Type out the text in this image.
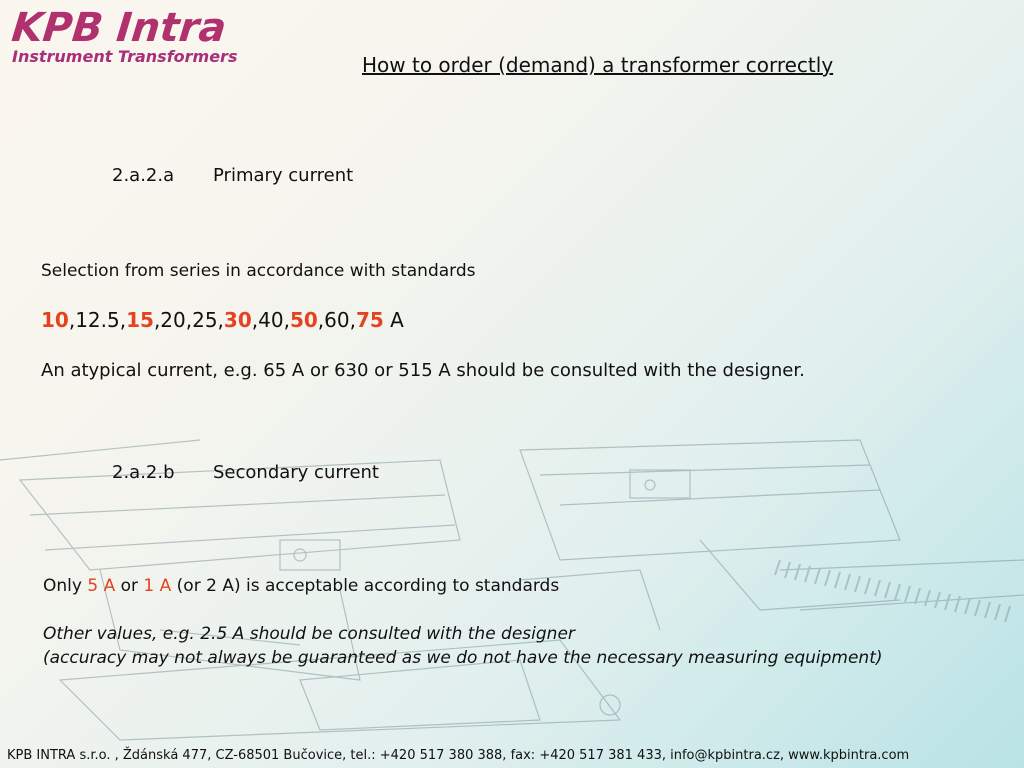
KPB Intra
Instrument Transformers	How to order (demand) a transformer correctly
2.a.2.a Primary current
Selection from series in accordance with standards
10,12.5,15,20,25,30,40,50,60,75 A
An atypical current, e.g. 65 A or 630 or 515 A should be consulted with the designer.
2.a.2.b Secondary current
Only 5 A or 1 A (or 2 A) is acceptable according to standards
Other values, e.g. 2.5 A should be consulted with the designer
(accuracy may not always be guaranteed as we do not have the necessary measuring equipment)
KPB INTRA s.r.o. , Ždánská 477, CZ-68501 Bučovice, tel.: +420 517 380 388, fax: +420 517 381 433, info@kpbintra.cz, www.kpbintra.com
